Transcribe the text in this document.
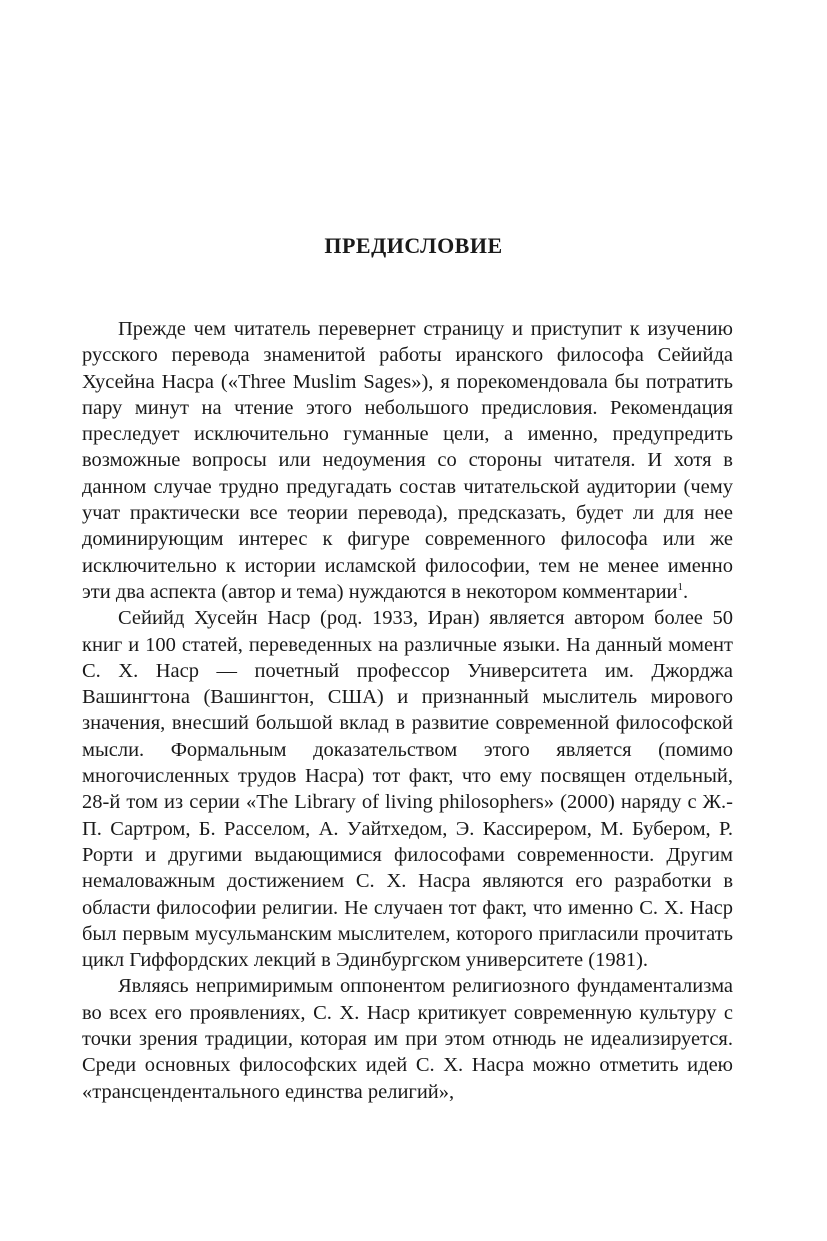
ПРЕДИСЛОВИЕ

Прежде чем читатель перевернет страницу и приступит к изучению русского перевода знаменитой работы иранского философа Сейийда Хусейна Насра («Three Muslim Sages»), я порекомендовала бы потратить пару минут на чтение этого небольшого предисловия. Рекомендация преследует исключительно гуманные цели, а именно, предупредить возможные вопросы или недоумения со стороны читателя. И хотя в данном случае трудно предугадать состав читательской аудитории (чему учат практически все теории перевода), предсказать, будет ли для нее доминирующим интерес к фигуре современного философа или же исключительно к истории исламской философии, тем не менее именно эти два аспекта (автор и тема) нуждаются в некотором комментарии$^1$.

Сейийд Хусейн Наср (род. 1933, Иран) является автором более 50 книг и 100 статей, переведенных на различные языки. На данный момент С. Х. Наср — почетный профессор Университета им. Джорджа Вашингтона (Вашингтон, США) и признанный мыслитель мирового значения, внесший большой вклад в развитие современной философской мысли. Формальным доказательством этого является (помимо многочисленных трудов Насра) тот факт, что ему посвящен отдельный, 28-й том из серии «The Library of living philosophers» (2000) наряду с Ж.-П. Сартром, Б. Расселом, А. Уайтхедом, Э. Кассирером, М. Бубером, Р. Рорти и другими выдающимися философами современности. Другим немаловажным достижением С. Х. Насра являются его разработки в области философии религии. Не случаен тот факт, что именно С. Х. Наср был первым мусульманским мыслителем, которого пригласили прочитать цикл Гиффордских лекций в Эдинбургском университете (1981).

Являясь непримиримым оппонентом религиозного фундаментализма во всех его проявлениях, С. Х. Наср критикует современную культуру с точки зрения традиции, которая им при этом отнюдь не идеализируется. Среди основных философских идей С. Х. Насра можно отметить идею «трансцендентального единства религий»,
